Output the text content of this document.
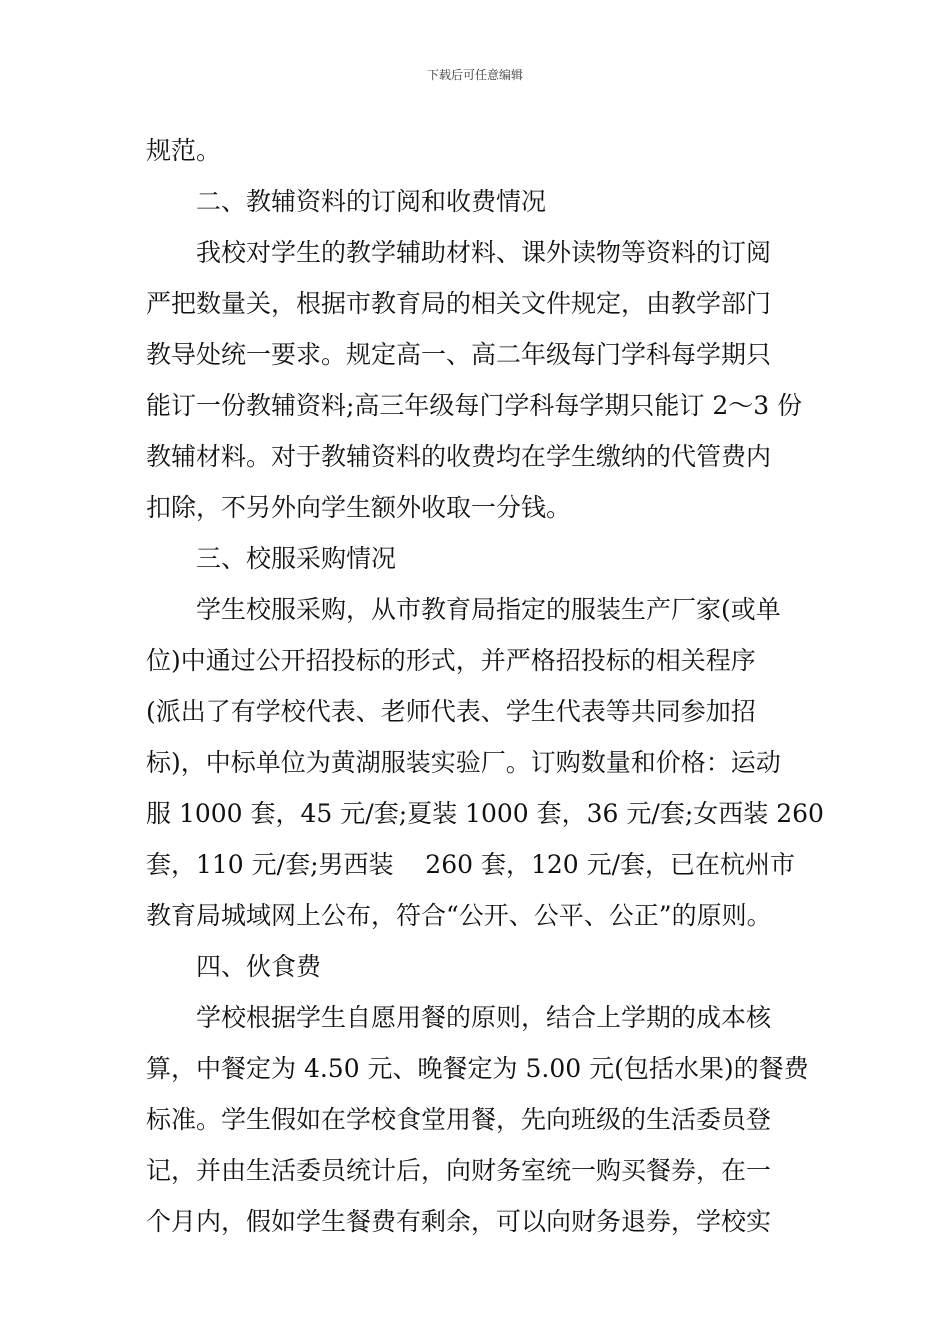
下载后可任意编辑
规范。
二、教辅资料的订阅和收费情况
我校对学生的教学辅助材料、课外读物等资料的订阅
严把数量关，根据市教育局的相关文件规定，由教学部门
教导处统一要求。规定高一、高二年级每门学科每学期只
能订一份教辅资料;高三年级每门学科每学期只能订 2～3 份
教辅材料。对于教辅资料的收费均在学生缴纳的代管费内
扣除，不另外向学生额外收取一分钱。
三、校服采购情况
学生校服采购，从市教育局指定的服装生产厂家(或单
位)中通过公开招投标的形式，并严格招投标的相关程序
(派出了有学校代表、老师代表、学生代表等共同参加招
标)，中标单位为黄湖服装实验厂。订购数量和价格：运动
服 1000 套，45 元/套;夏装 1000 套，36 元/套;女西装 260
套，110 元/套;男西装    260 套，120 元/套，已在杭州市
教育局城域网上公布，符合“公开、公平、公正”的原则。
四、伙食费
学校根据学生自愿用餐的原则，结合上学期的成本核
算，中餐定为 4.50 元、晚餐定为 5.00 元(包括水果)的餐费
标准。学生假如在学校食堂用餐，先向班级的生活委员登
记，并由生活委员统计后，向财务室统一购买餐券，在一
个月内，假如学生餐费有剩余，可以向财务退券，学校实
